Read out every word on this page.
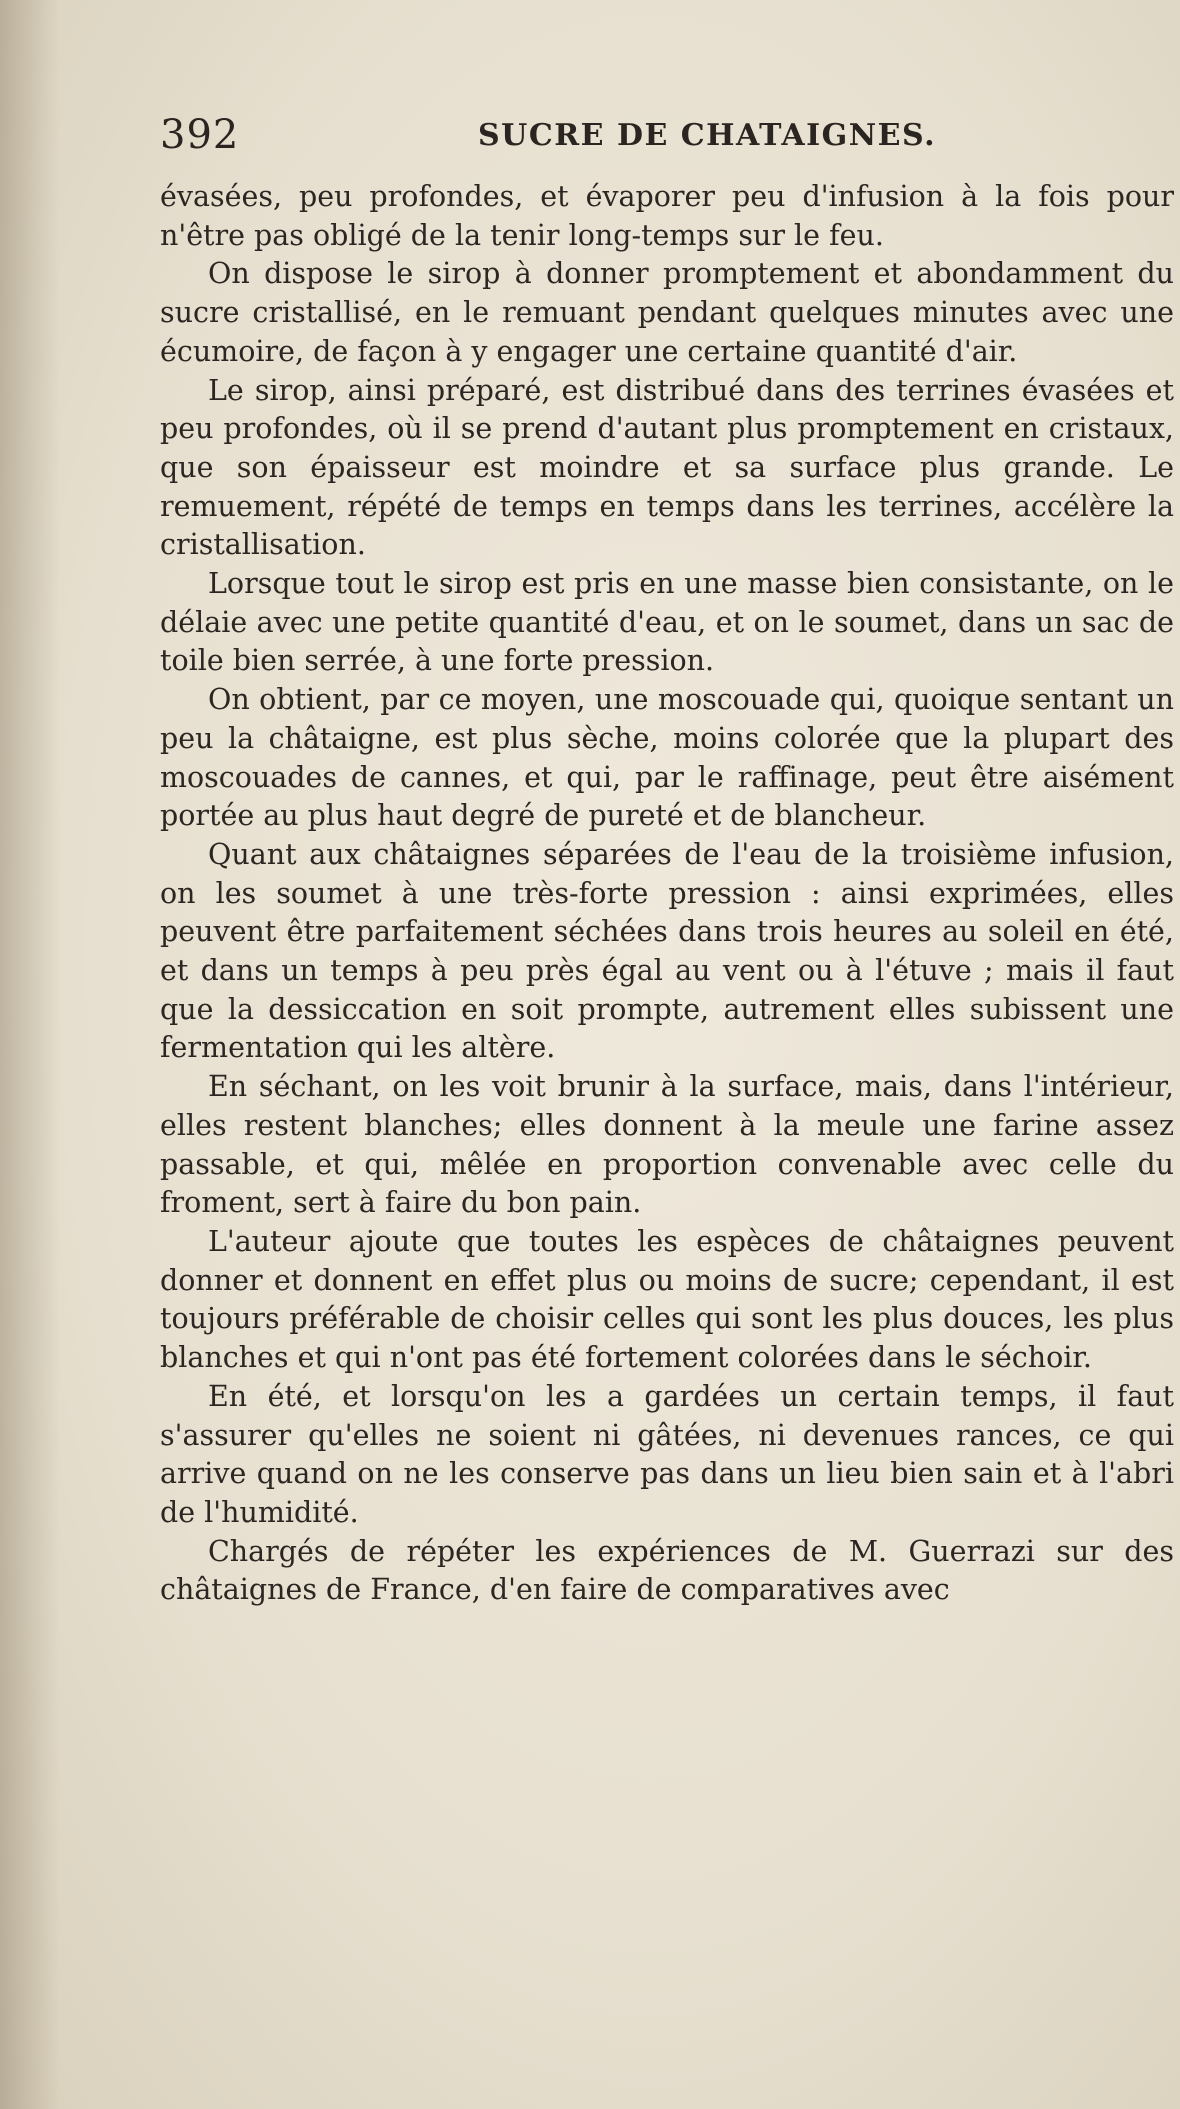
392	SUCRE DE CHATAIGNES.

évasées, peu profondes, et évaporer peu d'infusion à la fois pour n'être pas obligé de la tenir long-temps sur le feu.

On dispose le sirop à donner promptement et abondamment du sucre cristallisé, en le remuant pendant quelques minutes avec une écumoire, de façon à y engager une certaine quantité d'air.

Le sirop, ainsi préparé, est distribué dans des terrines évasées et peu profondes, où il se prend d'autant plus promptement en cristaux, que son épaisseur est moindre et sa surface plus grande. Le remuement, répété de temps en temps dans les terrines, accélère la cristallisation.

Lorsque tout le sirop est pris en une masse bien consistante, on le délaie avec une petite quantité d'eau, et on le soumet, dans un sac de toile bien serrée, à une forte pression.

On obtient, par ce moyen, une moscouade qui, quoique sentant un peu la châtaigne, est plus sèche, moins colorée que la plupart des moscouades de cannes, et qui, par le raffinage, peut être aisément portée au plus haut degré de pureté et de blancheur.

Quant aux châtaignes séparées de l'eau de la troisième infusion, on les soumet à une très-forte pression : ainsi exprimées, elles peuvent être parfaitement séchées dans trois heures au soleil en été, et dans un temps à peu près égal au vent ou à l'étuve ; mais il faut que la dessiccation en soit prompte, autrement elles subissent une fermentation qui les altère.

En séchant, on les voit brunir à la surface, mais, dans l'intérieur, elles restent blanches; elles donnent à la meule une farine assez passable, et qui, mêlée en proportion convenable avec celle du froment, sert à faire du bon pain.

L'auteur ajoute que toutes les espèces de châtaignes peuvent donner et donnent en effet plus ou moins de sucre; cependant, il est toujours préférable de choisir celles qui sont les plus douces, les plus blanches et qui n'ont pas été fortement colorées dans le séchoir.

En été, et lorsqu'on les a gardées un certain temps, il faut s'assurer qu'elles ne soient ni gâtées, ni devenues rances, ce qui arrive quand on ne les conserve pas dans un lieu bien sain et à l'abri de l'humidité.

Chargés de répéter les expériences de M. Guerrazi sur des châtaignes de France, d'en faire de comparatives avec
